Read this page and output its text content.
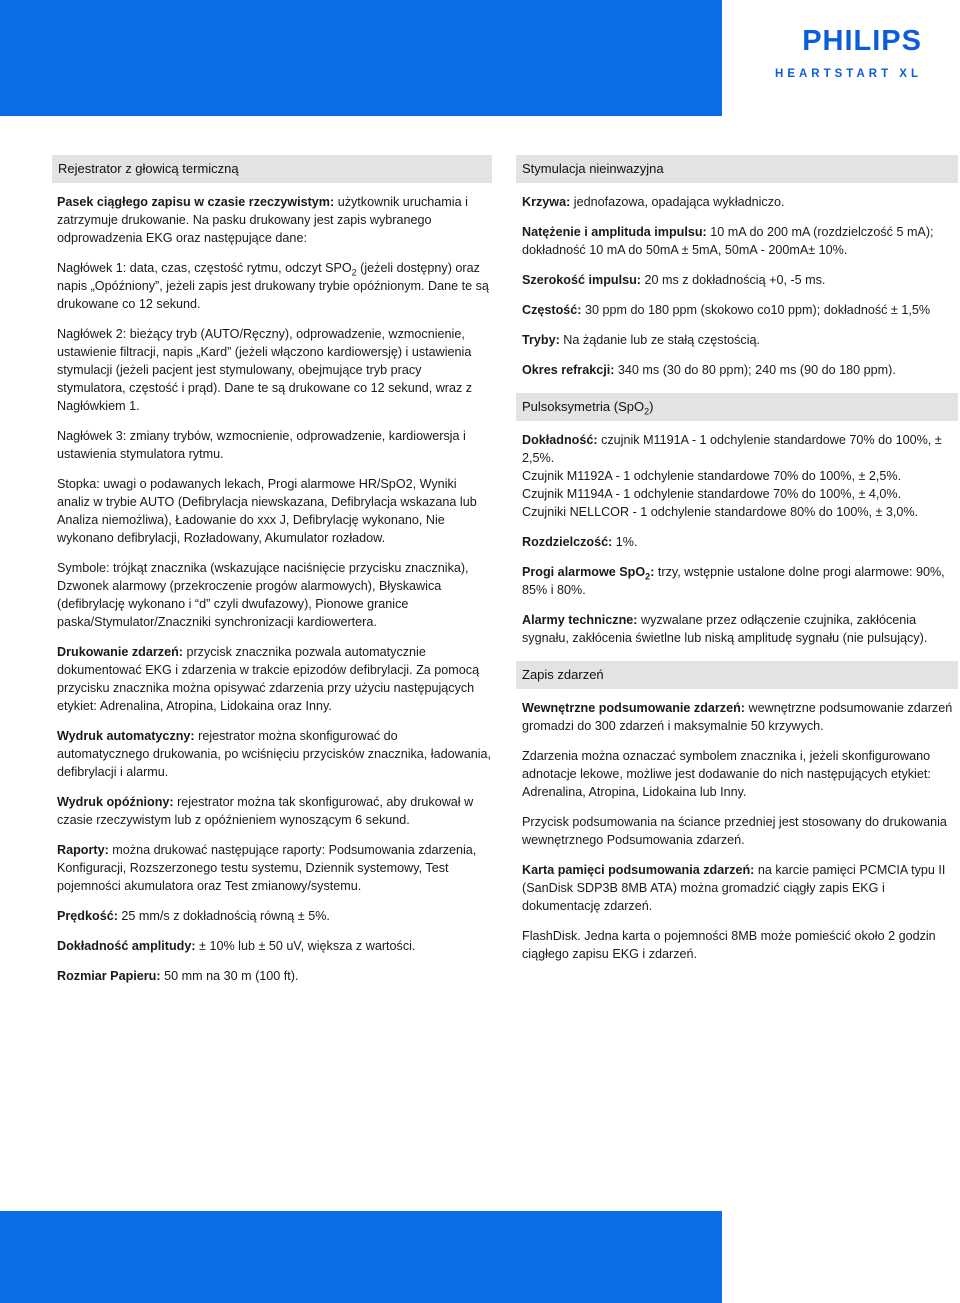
PHILIPS
HEARTSTART XL
Rejestrator z głowicą termiczną

Pasek ciągłego zapisu w czasie rzeczywistym: użytkownik uruchamia i zatrzymuje drukowanie. Na pasku drukowany jest zapis wybranego odprowadzenia EKG oraz następujące dane:

Nagłówek 1: data, czas, częstość rytmu, odczyt $SPO_2$ (jeżeli dostępny) oraz napis „Opóźniony”, jeżeli zapis jest drukowany trybie opóźnionym. Dane te są drukowane co 12 sekund.

Nagłówek 2: bieżący tryb (AUTO/Ręczny), odprowadzenie, wzmocnienie, ustawienie filtracji, napis „Kard” (jeżeli włączono kardiowersję) i ustawienia stymulacji (jeżeli pacjent jest stymulowany, obejmujące tryb pracy stymulatora, częstość i prąd). Dane te są drukowane co 12 sekund, wraz z Nagłówkiem 1.

Nagłówek 3: zmiany trybów, wzmocnienie, odprowadzenie, kardiowersja i ustawienia stymulatora rytmu.

Stopka: uwagi o podawanych lekach, Progi alarmowe HR/SpO2, Wyniki analiz w trybie AUTO (Defibrylacja niewskazana, Defibrylacja wskazana lub Analiza niemożliwa), Ładowanie do xxx J, Defibrylację wykonano, Nie wykonano defibrylacji, Rozładowany, Akumulator rozładow.

Symbole: trójkąt znacznika (wskazujące naciśnięcie przycisku znacznika), Dzwonek alarmowy (przekroczenie progów alarmowych), Błyskawica (defibrylację wykonano i “d” czyli dwufazowy), Pionowe granice paska/Stymulator/Znaczniki synchronizacji kardiowertera.

Drukowanie zdarzeń: przycisk znacznika pozwala automatycznie dokumentować EKG i zdarzenia w trakcie epizodów defibrylacji. Za pomocą przycisku znacznika można opisywać zdarzenia przy użyciu następujących etykiet: Adrenalina, Atropina, Lidokaina oraz Inny.

Wydruk automatyczny: rejestrator można skonfigurować do automatycznego drukowania, po wciśnięciu przycisków znacznika, ładowania, defibrylacji i alarmu.

Wydruk opóźniony: rejestrator można tak skonfigurować, aby drukował w czasie rzeczywistym lub z opóźnieniem wynoszącym 6 sekund.

Raporty: można drukować następujące raporty: Podsumowania zdarzenia, Konfiguracji, Rozszerzonego testu systemu, Dziennik systemowy, Test pojemności akumulatora oraz Test zmianowy/systemu.

Prędkość: 25 mm/s z dokładnością równą ± 5%.

Dokładność amplitudy: ± 10% lub ± 50 uV, większa z wartości.

Rozmiar Papieru: 50 mm na 30 m (100 ft).

Stymulacja nieinwazyjna

Krzywa: jednofazowa, opadająca wykładniczo.

Natężenie i amplituda impulsu: 10 mA do 200 mA (rozdzielczość 5 mA); dokładność 10 mA do 50mA ± 5mA, 50mA - 200mA± 10%.

Szerokość impulsu: 20 ms z dokładnością +0, -5 ms.

Częstość: 30 ppm do 180 ppm (skokowo co10 ppm); dokładność ± 1,5%

Tryby: Na żądanie lub ze stałą częstością.

Okres refrakcji: 340 ms (30 do 80 ppm); 240 ms (90 do 180 ppm).

Pulsoksymetria (SpO$_2$)

Dokładność: czujnik M1191A - 1 odchylenie standardowe 70% do 100%, ± 2,5%.
Czujnik M1192A - 1 odchylenie standardowe 70% do 100%, ± 2,5%.
Czujnik M1194A - 1 odchylenie standardowe 70% do 100%, ± 4,0%.
Czujniki NELLCOR - 1 odchylenie standardowe 80% do 100%, ± 3,0%.

Rozdzielczość: 1%.

Progi alarmowe SpO$_2$: trzy, wstępnie ustalone dolne progi alarmowe: 90%, 85% i 80%.

Alarmy techniczne: wyzwalane przez odłączenie czujnika, zakłócenia sygnału, zakłócenia świetlne lub niską amplitudę sygnału (nie pulsujący).

Zapis zdarzeń

Wewnętrzne podsumowanie zdarzeń: wewnętrzne podsumowanie zdarzeń gromadzi do 300 zdarzeń i maksymalnie 50 krzywych.

Zdarzenia można oznaczać symbolem znacznika i, jeżeli skonfigurowano adnotacje lekowe, możliwe jest dodawanie do nich następujących etykiet: Adrenalina, Atropina, Lidokaina lub Inny.

Przycisk podsumowania na ściance przedniej jest stosowany do drukowania wewnętrznego Podsumowania zdarzeń.

Karta pamięci podsumowania zdarzeń: na karcie pamięci PCMCIA typu II (SanDisk SDP3B 8MB ATA) można gromadzić ciągły zapis EKG i dokumentację zdarzeń.

FlashDisk. Jedna karta o pojemności 8MB może pomieścić około 2 godzin ciągłego zapisu EKG i zdarzeń.
